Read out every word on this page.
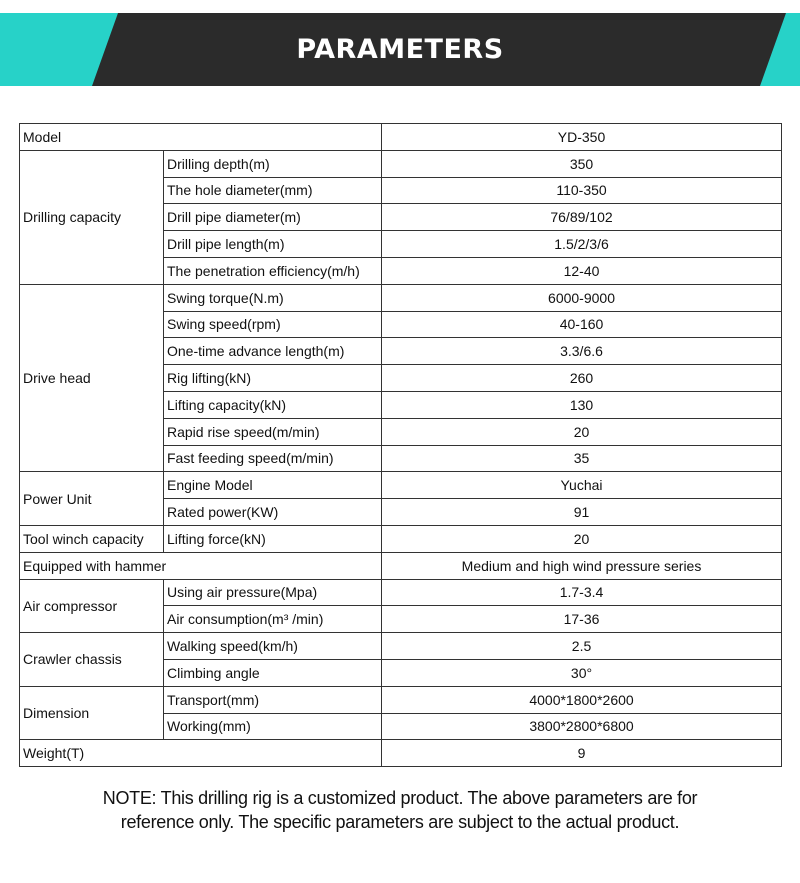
PARAMETERS
Model		YD-350
Drilling capacity	Drilling depth(m)	350
	The hole diameter(mm)	110-350
	Drill pipe diameter(m)	76/89/102
	Drill pipe length(m)	1.5/2/3/6
	The penetration efficiency(m/h)	12-40
Drive head	Swing torque(N.m)	6000-9000
	Swing speed(rpm)	40-160
	One-time advance length(m)	3.3/6.6
	Rig lifting(kN)	260
	Lifting capacity(kN)	130
	Rapid rise speed(m/min)	20
	Fast feeding speed(m/min)	35
Power Unit	Engine Model	Yuchai
	Rated power(KW)	91
Tool winch capacity	Lifting force(kN)	20
Equipped with hammer		Medium and high wind pressure series
Air compressor	Using air pressure(Mpa)	1.7-3.4
	Air consumption(m³ /min)	17-36
Crawler chassis	Walking speed(km/h)	2.5
	Climbing angle	30°
Dimension	Transport(mm)	4000*1800*2600
	Working(mm)	3800*2800*6800
Weight(T)		9
NOTE: This drilling rig is a customized product. The above parameters are for
reference only. The specific parameters are subject to the actual product.
